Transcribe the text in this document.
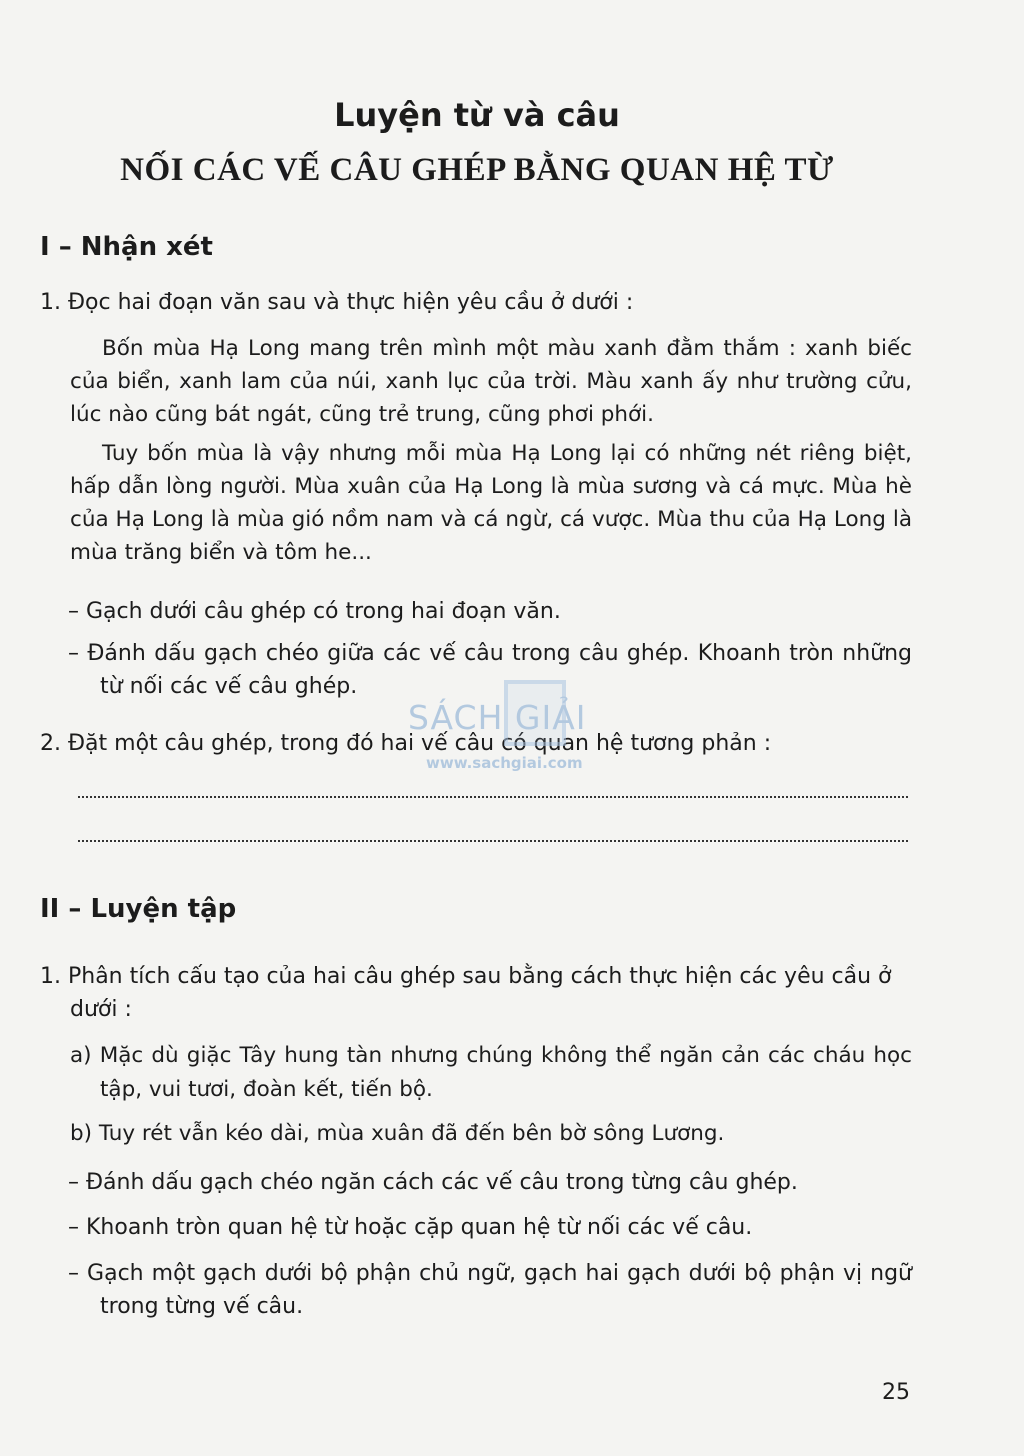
Luyện từ và câu
NỐI CÁC VẾ CÂU GHÉP BẰNG QUAN HỆ TỪ
I – Nhận xét
1. Đọc hai đoạn văn sau và thực hiện yêu cầu ở dưới :
Bốn mùa Hạ Long mang trên mình một màu xanh đằm thắm : xanh biếc của biển, xanh lam của núi, xanh lục của trời. Màu xanh ấy như trường cửu, lúc nào cũng bát ngát, cũng trẻ trung, cũng phơi phới.
Tuy bốn mùa là vậy nhưng mỗi mùa Hạ Long lại có những nét riêng biệt, hấp dẫn lòng người. Mùa xuân của Hạ Long là mùa sương và cá mực. Mùa hè của Hạ Long là mùa gió nồm nam và cá ngừ, cá vược. Mùa thu của Hạ Long là mùa trăng biển và tôm he...
– Gạch dưới câu ghép có trong hai đoạn văn.
– Đánh dấu gạch chéo giữa các vế câu trong câu ghép. Khoanh tròn những từ nối các vế câu ghép.
2. Đặt một câu ghép, trong đó hai vế câu có quan hệ tương phản :
II – Luyện tập
1. Phân tích cấu tạo của hai câu ghép sau bằng cách thực hiện các yêu cầu ở dưới :
a) Mặc dù giặc Tây hung tàn nhưng chúng không thể ngăn cản các cháu học tập, vui tươi, đoàn kết, tiến bộ.
b) Tuy rét vẫn kéo dài, mùa xuân đã đến bên bờ sông Lương.
– Đánh dấu gạch chéo ngăn cách các vế câu trong từng câu ghép.
– Khoanh tròn quan hệ từ hoặc cặp quan hệ từ nối các vế câu.
– Gạch một gạch dưới bộ phận chủ ngữ, gạch hai gạch dưới bộ phận vị ngữ trong từng vế câu.
25
SÁCH GIẢI
www.sachgiai.com
